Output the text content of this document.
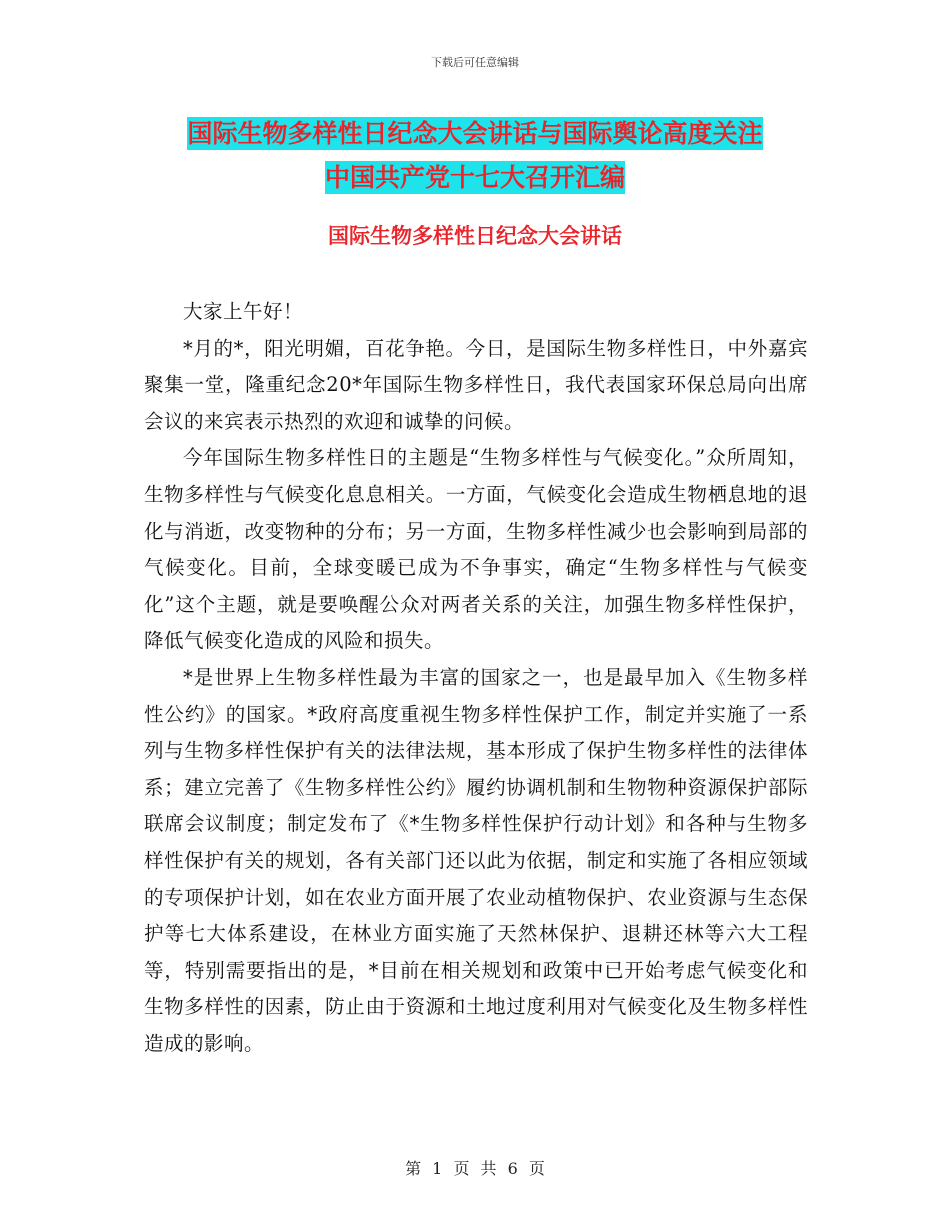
下载后可任意编辑
国际生物多样性日纪念大会讲话与国际舆论高度关注
中国共产党十七大召开汇编
国际生物多样性日纪念大会讲话

大家上午好！

*月的*，阳光明媚，百花争艳。今日，是国际生物多样性日，中外嘉宾聚集一堂，隆重纪念20*年国际生物多样性日，我代表国家环保总局向出席会议的来宾表示热烈的欢迎和诚挚的问候。

今年国际生物多样性日的主题是“生物多样性与气候变化。”众所周知，生物多样性与气候变化息息相关。一方面，气候变化会造成生物栖息地的退化与消逝，改变物种的分布；另一方面，生物多样性减少也会影响到局部的气候变化。目前，全球变暖已成为不争事实，确定“生物多样性与气候变化”这个主题，就是要唤醒公众对两者关系的关注，加强生物多样性保护，降低气候变化造成的风险和损失。

*是世界上生物多样性最为丰富的国家之一，也是最早加入《生物多样性公约》的国家。*政府高度重视生物多样性保护工作，制定并实施了一系列与生物多样性保护有关的法律法规，基本形成了保护生物多样性的法律体系；建立完善了《生物多样性公约》履约协调机制和生物物种资源保护部际联席会议制度；制定发布了《*生物多样性保护行动计划》和各种与生物多样性保护有关的规划，各有关部门还以此为依据，制定和实施了各相应领域的专项保护计划，如在农业方面开展了农业动植物保护、农业资源与生态保护等七大体系建设，在林业方面实施了天然林保护、退耕还林等六大工程等，特别需要指出的是，*目前在相关规划和政策中已开始考虑气候变化和生物多样性的因素，防止由于资源和土地过度利用对气候变化及生物多样性造成的影响。

第 1 页 共 6 页
